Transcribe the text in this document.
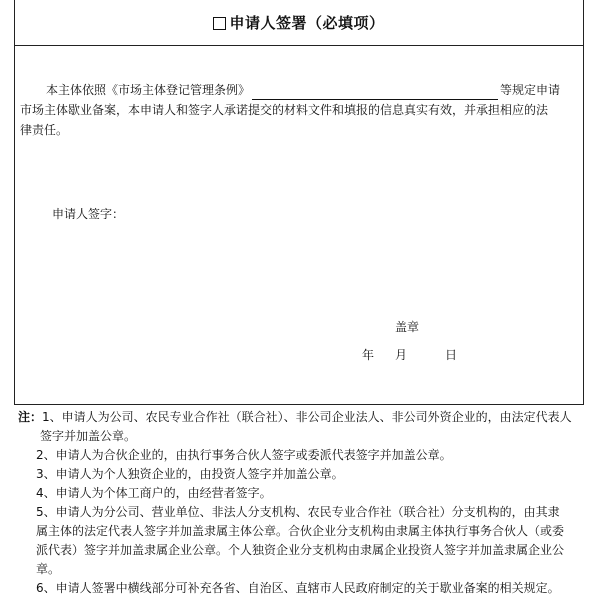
申请人签署（必填项）
本主体依照《市场主体登记管理条例》	等规定申请
市场主体歇业备案，本申请人和签字人承诺提交的材料文件和填报的信息真实有效，并承担相应的法
律责任。
申请人签字：
盖章
年	月	日
注： 1、申请人为公司、农民专业合作社（联合社）、非公司企业法人、非公司外资企业的，由法定代表人
签字并加盖公章。
2、申请人为合伙企业的，由执行事务合伙人签字或委派代表签字并加盖公章。
3、申请人为个人独资企业的，由投资人签字并加盖公章。
4、申请人为个体工商户的，由经营者签字。
5、申请人为分公司、营业单位、非法人分支机构、农民专业合作社（联合社）分支机构的，由其隶
属主体的法定代表人签字并加盖隶属主体公章。合伙企业分支机构由隶属主体执行事务合伙人（或委
派代表）签字并加盖隶属企业公章。个人独资企业分支机构由隶属企业投资人签字并加盖隶属企业公
章。
6、申请人签署中横线部分可补充各省、自治区、直辖市人民政府制定的关于歇业备案的相关规定。
